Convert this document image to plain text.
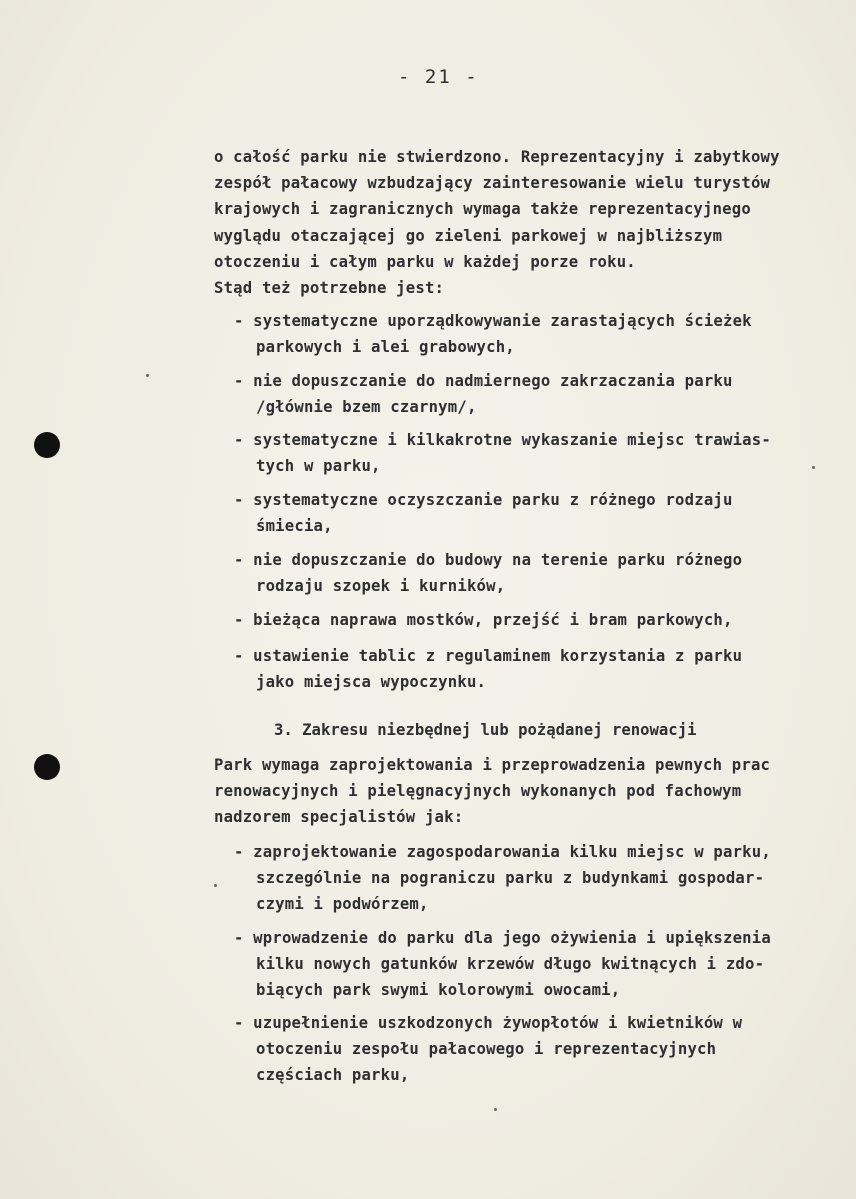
- 21 -
o całość parku nie stwierdzono. Reprezentacyjny i zabytkowy
zespół pałacowy wzbudzający zainteresowanie wielu turystów
krajowych i zagranicznych wymaga także reprezentacyjnego
wyglądu otaczającej go zieleni parkowej w najbliższym
otoczeniu i całym parku w każdej porze roku.
Stąd też potrzebne jest:
- systematyczne uporządkowywanie zarastających ścieżek
parkowych i alei grabowych,
- nie dopuszczanie do nadmiernego zakrzaczania parku
/głównie bzem czarnym/,
- systematyczne i kilkakrotne wykaszanie miejsc trawias-
tych w parku,
- systematyczne oczyszczanie parku z różnego rodzaju
śmiecia,
- nie dopuszczanie do budowy na terenie parku różnego
rodzaju szopek i kurników,
- bieżąca naprawa mostków, przejść i bram parkowych,
- ustawienie tablic z regulaminem korzystania z parku
jako miejsca wypoczynku.
3. Zakresu niezbędnej lub pożądanej renowacji
Park wymaga zaprojektowania i przeprowadzenia pewnych prac
renowacyjnych i pielęgnacyjnych wykonanych pod fachowym
nadzorem specjalistów jak:
- zaprojektowanie zagospodarowania kilku miejsc w parku,
szczególnie na pograniczu parku z budynkami gospodar-
czymi i podwórzem,
- wprowadzenie do parku dla jego ożywienia i upiększenia
kilku nowych gatunków krzewów długo kwitnących i zdo-
biących park swymi kolorowymi owocami,
- uzupełnienie uszkodzonych żywopłotów i kwietników w
otoczeniu zespołu pałacowego i reprezentacyjnych
częściach parku,
